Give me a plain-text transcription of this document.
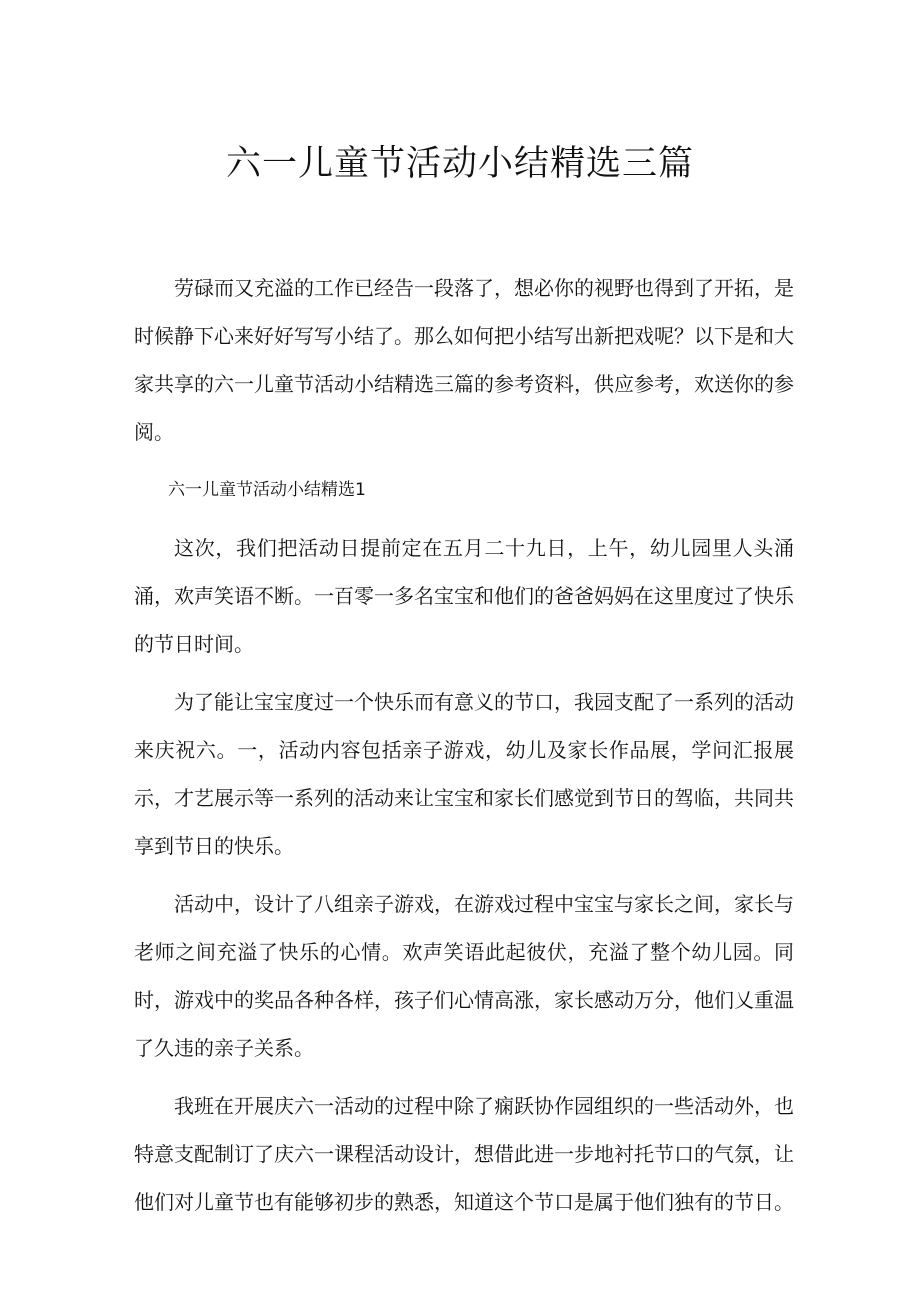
六一儿童节活动小结精选三篇

劳碌而又充溢的工作已经告一段落了，想必你的视野也得到了开拓，是时候静下心来好好写写小结了。那么如何把小结写出新把戏呢？以下是和大家共享的六一儿童节活动小结精选三篇的参考资料，供应参考，欢送你的参阅。

六一儿童节活动小结精选1

这次，我们把活动日提前定在五月二十九日，上午，幼儿园里人头涌涌，欢声笑语不断。一百零一多名宝宝和他们的爸爸妈妈在这里度过了快乐的节日时间。

为了能让宝宝度过一个快乐而有意义的节口，我园支配了一系列的活动来庆祝六。一，活动内容包括亲子游戏，幼儿及家长作品展，学问汇报展示，才艺展示等一系列的活动来让宝宝和家长们感觉到节日的驾临，共同共享到节日的快乐。

活动中，设计了八组亲子游戏，在游戏过程中宝宝与家长之间，家长与老师之间充溢了快乐的心情。欢声笑语此起彼伏，充溢了整个幼儿园。同时，游戏中的奖品各种各样，孩子们心情高涨，家长感动万分，他们乂重温了久违的亲子关系。

我班在开展庆六一活动的过程中除了痫跃协作园组织的一些活动外，也特意支配制订了庆六一课程活动设计，想借此进一步地衬托节口的气氛，让他们对儿童节也有能够初步的熟悉，知道这个节口是属于他们独有的节日。
